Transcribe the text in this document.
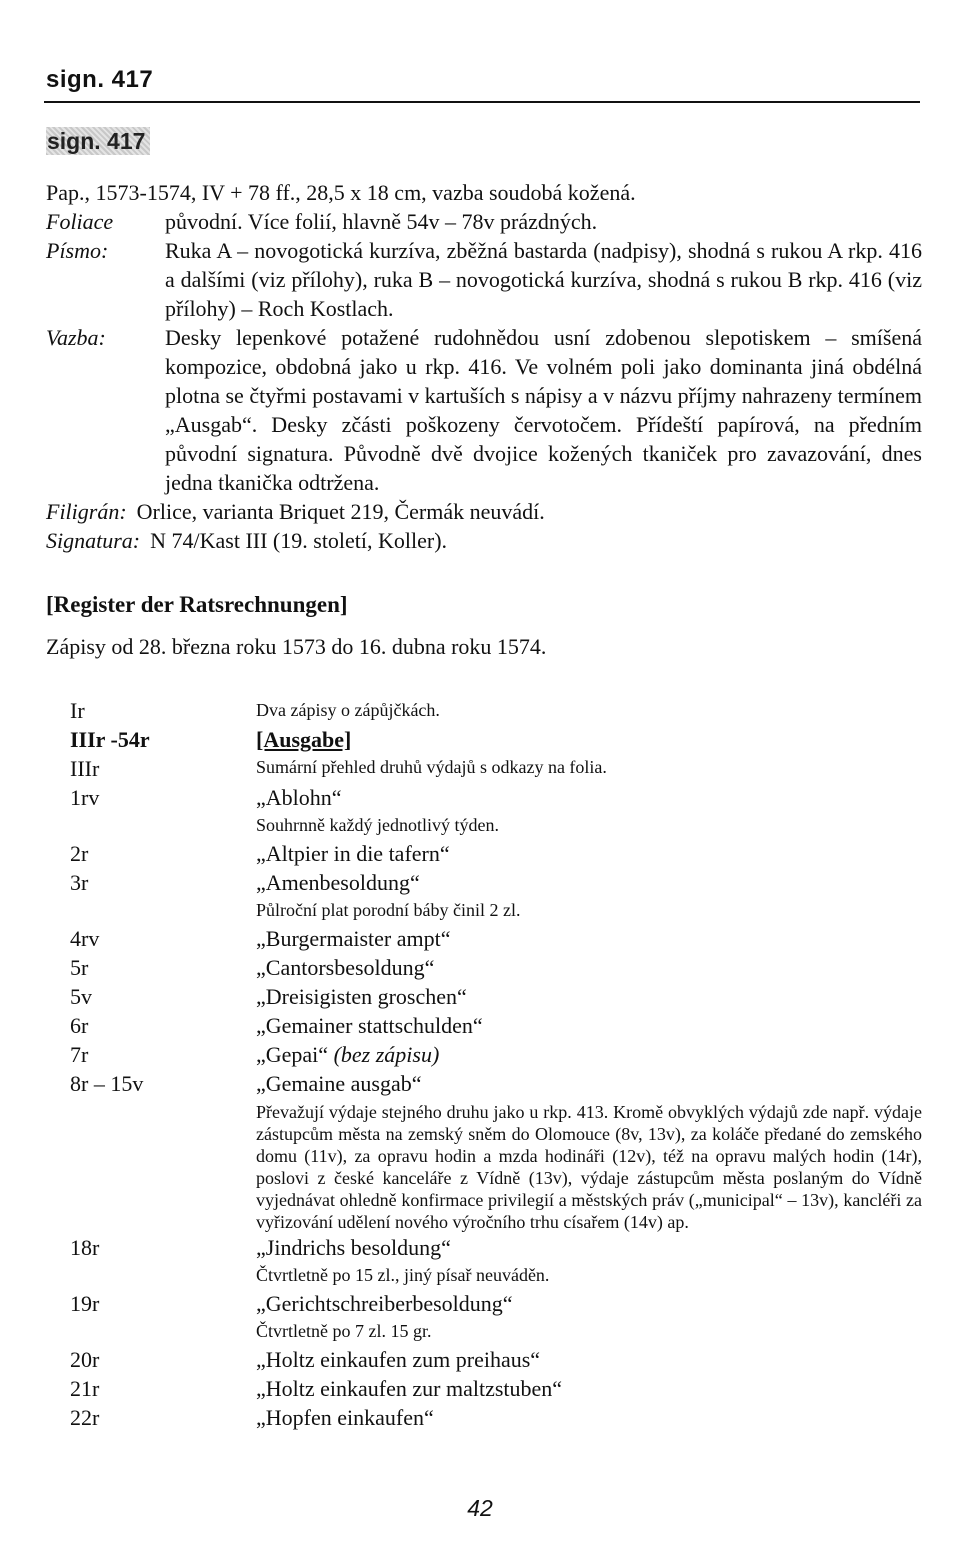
sign. 417
sign. 417

Pap., 1573-1574, IV + 78 ff., 28,5 x 18 cm, vazba soudobá kožená.

Foliace	původní. Více folií, hlavně 54v – 78v prázdných.
Písmo:	Ruka A – novogotická kurzíva, zběžná bastarda (nadpisy), shodná s rukou A rkp. 416 a dalšími (viz přílohy), ruka B – novogotická kurzíva, shodná s rukou B rkp. 416 (viz přílohy) – Roch Kostlach.
Vazba:	Desky lepenkové potažené rudohnědou usní zdobenou slepotiskem – smíšená kompozice, obdobná jako u rkp. 416. Ve volném poli jako dominanta jiná obdélná plotna se čtyřmi postavami v kartuších s nápisy a v názvu příjmy nahrazeny termínem „Ausgab“. Desky zčásti poškozeny červotočem. Přídeští papírová, na předním původní signatura. Původně dvě dvojice kožených tkaniček pro zavazování, dnes jedna tkanička odtržena.
Filigrán: Orlice, varianta Briquet 219, Čermák neuvádí.
Signatura: N 74/Kast III (19. století, Koller).
[Register der Ratsrechnungen]
Zápisy od 28. března roku 1573 do 16. dubna roku 1574.
Ir	Dva zápisy o zápůjčkách.
IIIr -54r	[Ausgabe]
IIIr	Sumární přehled druhů výdajů s odkazy na folia.
1rv	„Ablohn“
Souhrnně každý jednotlivý týden.
2r	„Altpier in die tafern“
3r	„Amenbesoldung“
Půlroční plat porodní báby činil 2 zl.
4rv	„Burgermaister ampt“
5r	„Cantorsbesoldung“
5v	„Dreisigisten groschen“
6r	„Gemainer stattschulden“
7r	„Gepai“ (bez zápisu)
8r – 15v	„Gemaine ausgab“
Převažují výdaje stejného druhu jako u rkp. 413. Kromě obvyklých výdajů zde např. výdaje zástupcům města na zemský sněm do Olomouce (8v, 13v), za koláče předané do zemského domu (11v), za opravu hodin a mzda hodináři (12v), též na opravu malých hodin (14r), poslovi z české kanceláře z Vídně (13v), výdaje zástupcům města poslaným do Vídně vyjednávat ohledně konfirmace privilegií a městských práv („municipal“ – 13v), kancléři za vyřizování udělení nového výročního trhu císařem (14v) ap.
18r	„Jindrichs besoldung“
Čtvrtletně po 15 zl., jiný písař neuváděn.
19r	„Gerichtschreiberbesoldung“
Čtvrtletně po 7 zl. 15 gr.
20r	„Holtz einkaufen zum preihaus“
21r	„Holtz einkaufen zur maltzstuben“
22r	„Hopfen einkaufen“
42
